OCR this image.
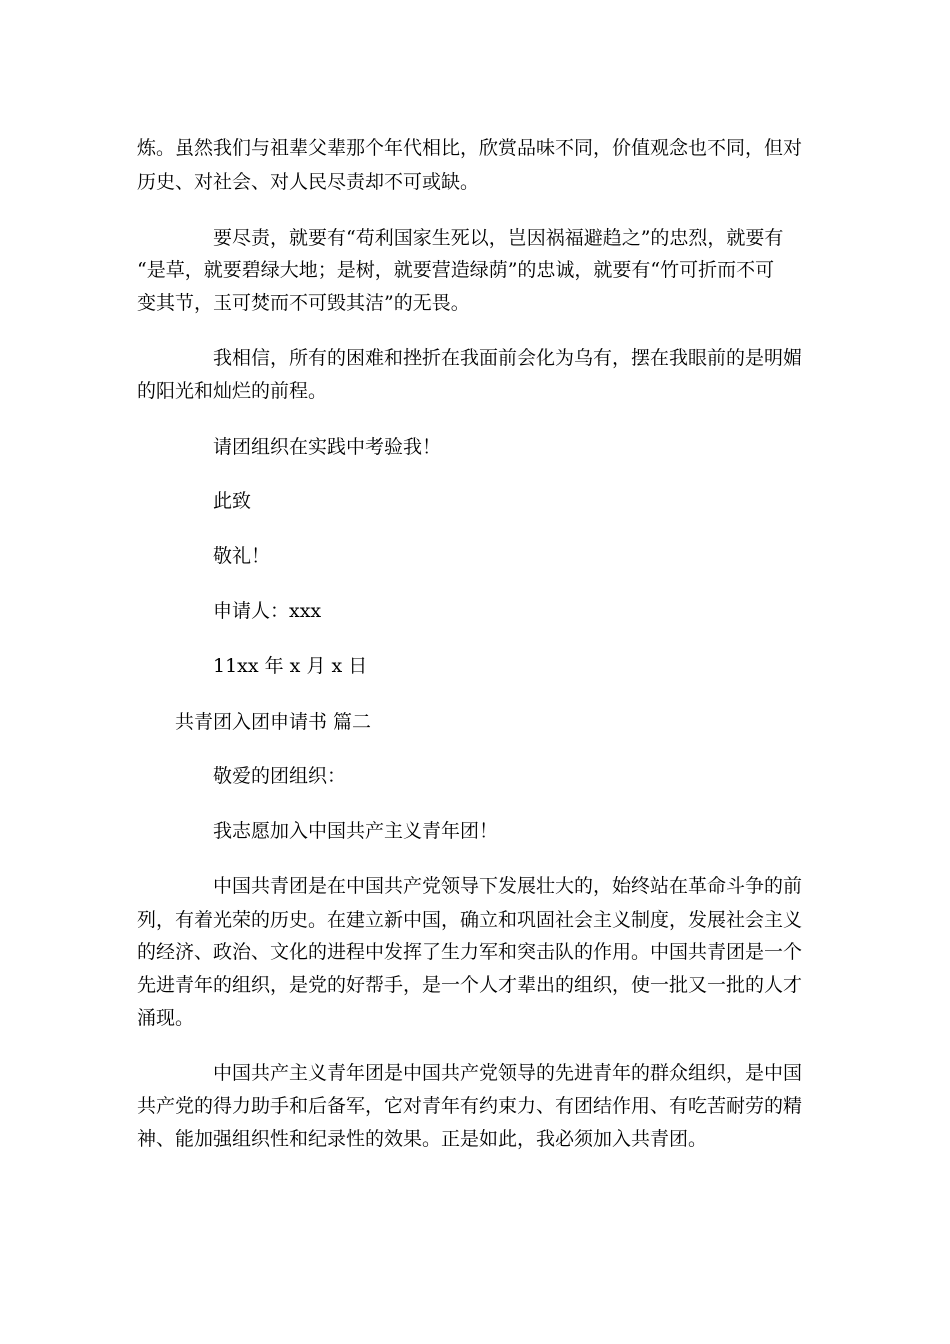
炼。虽然我们与祖辈父辈那个年代相比，欣赏品味不同，价值观念也不同，但对

历史、对社会、对人民尽责却不可或缺。

要尽责，就要有“苟利国家生死以，岂因祸福避趋之”的忠烈，就要有

“是草，就要碧绿大地；是树，就要营造绿荫”的忠诚，就要有“竹可折而不可

变其节，玉可焚而不可毁其洁”的无畏。

我相信，所有的困难和挫折在我面前会化为乌有，摆在我眼前的是明媚

的阳光和灿烂的前程。

请团组织在实践中考验我！

此致

敬礼！

申请人：xxx

11xx 年 x 月 x 日

共青团入团申请书 篇二

敬爱的团组织：

我志愿加入中国共产主义青年团！

中国共青团是在中国共产党领导下发展壮大的，始终站在革命斗争的前

列，有着光荣的历史。在建立新中国，确立和巩固社会主义制度，发展社会主义

的经济、政治、文化的进程中发挥了生力军和突击队的作用。中国共青团是一个

先进青年的组织，是党的好帮手，是一个人才辈出的组织，使一批又一批的人才

涌现。

中国共产主义青年团是中国共产党领导的先进青年的群众组织，是中国

共产党的得力助手和后备军，它对青年有约束力、有团结作用、有吃苦耐劳的精

神、能加强组织性和纪录性的效果。正是如此，我必须加入共青团。
